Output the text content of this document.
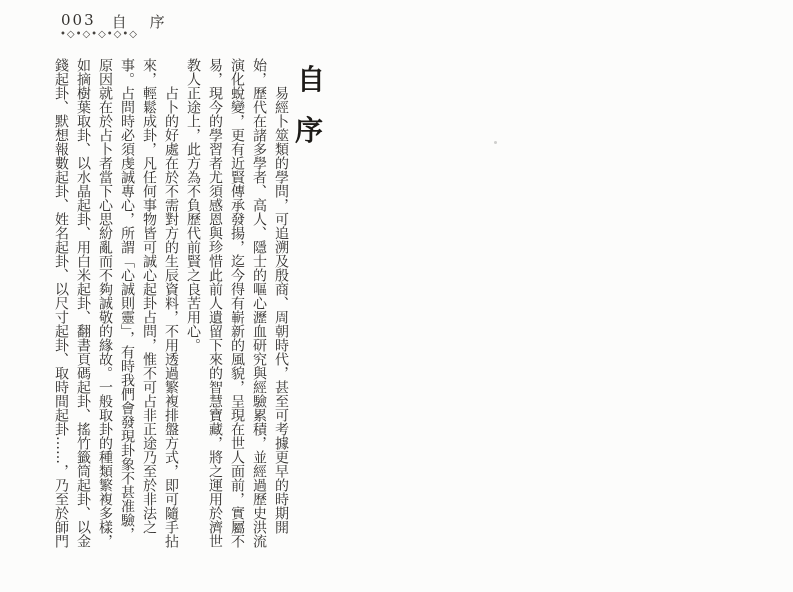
003 自　序
•◇•◇•◇•◇•◇
自
序

易經卜筮類的學問，可追溯及殷商、周朝時代，甚至可考據更早的時期開始，歷代在諸多學者、高人、隱士的嘔心瀝血研究與經驗累積，並經過歷史洪流演化蛻變，更有近賢傳承發揚，迄今得有嶄新的風貌，呈現在世人面前，實屬不易，現今的學習者尤須感恩與珍惜此前人遺留下來的智慧寶藏，將之運用於濟世教人正途上，此方為不負歷代前賢之良苦用心。

占卜的好處在於不需對方的生辰資料，不用透過繁複排盤方式，即可隨手拈來，輕鬆成卦，凡任何事物皆可誠心起卦占問，惟不可占非正途乃至於非法之事。占問時必須虔誠專心，所謂「心誠則靈」，有時我們會發現卦象不甚准驗，原因就在於占卜者當下心思紛亂而不夠誠敬的緣故。一般取卦的種類繁複多樣，如摘樹葉取卦、以水晶起卦、用白米起卦、翻書頁碼起卦、搖竹籤筒起卦、以金錢起卦、默想報數起卦、姓名起卦、以尺寸起卦、取時間起卦……，乃至於師門
